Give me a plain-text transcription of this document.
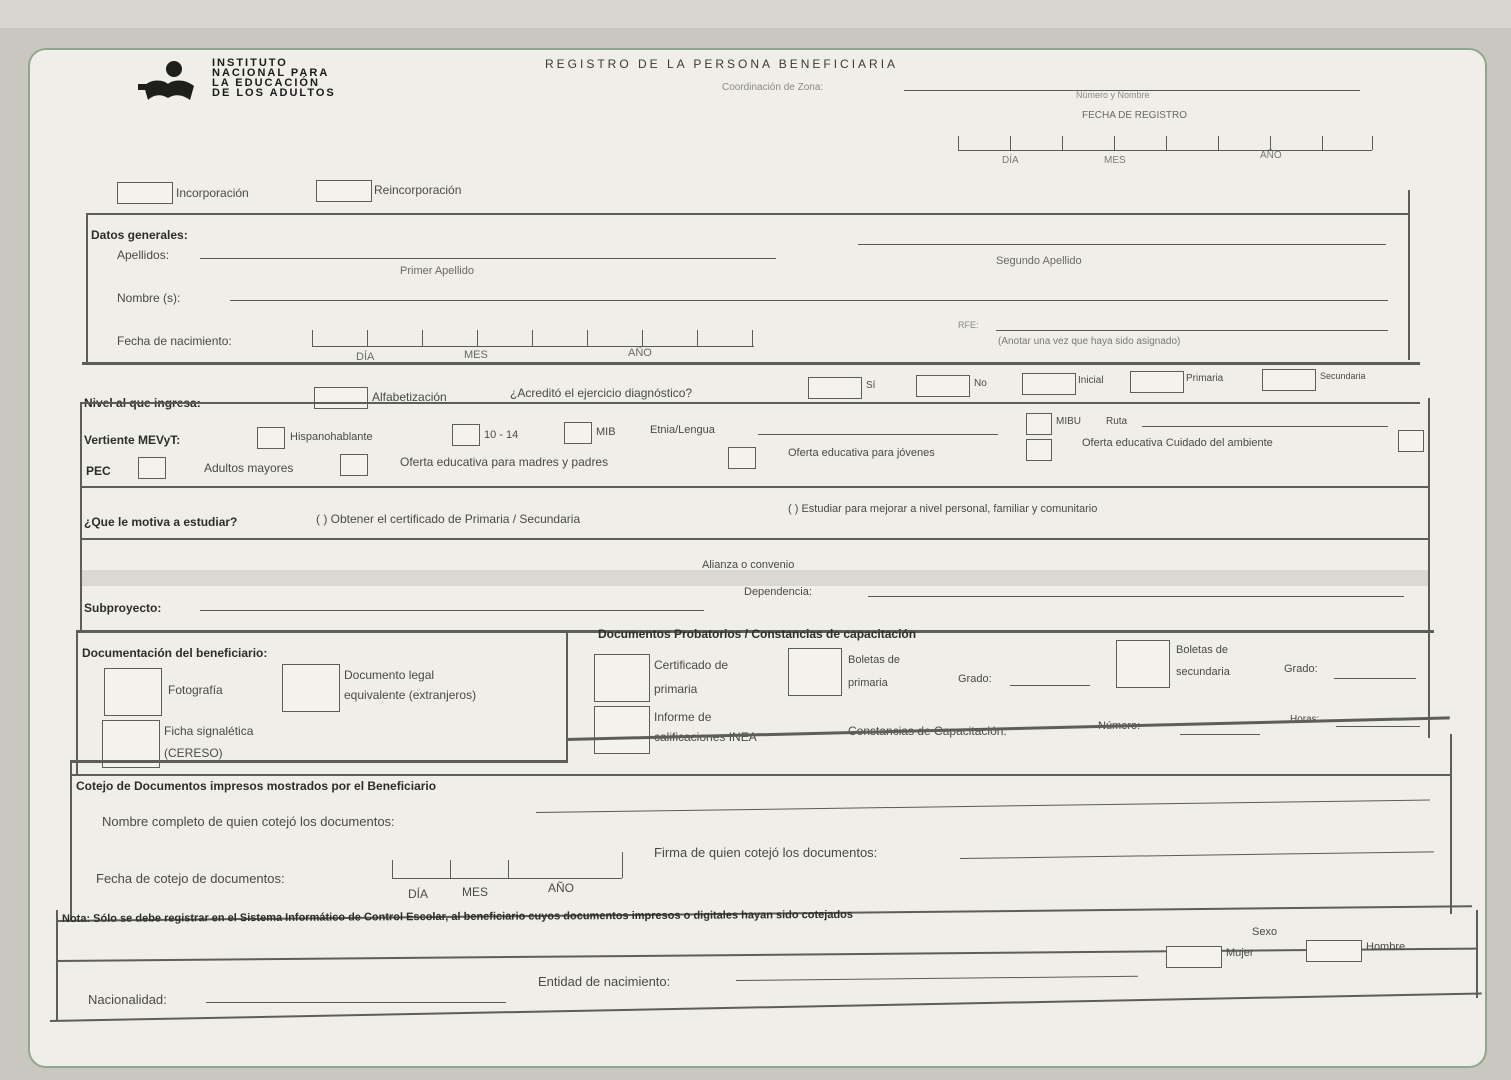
INSTITUTO
NACIONAL PARA
LA EDUCACIÓN
DE LOS ADULTOS
REGISTRO DE LA PERSONA BENEFICIARIA
Coordinación de Zona:
Número y Nombre
FECHA DE REGISTRO
DÍA	MES	AÑO
Incorporación	Reincorporación
Datos generales:
Apellidos:
Primer Apellido
Segundo Apellido
Nombre (s):
Fecha de nacimiento:
DÍA	MES	AÑO
RFE:
(Anotar una vez que haya sido asignado)
Nivel al que ingresa:	Alfabetización	¿Acreditó el ejercicio diagnóstico?
Sí	No	Inicial	Primaria	Secundaria
Vertiente MEVyT:	Hispanohablante	10 - 14	MIB	Etnia/Lengua
MIBU	Ruta
PEC	Adultos mayores	Oferta educativa para madres y padres
Oferta educativa para jóvenes
Oferta educativa Cuidado del ambiente
¿Que le motiva a estudiar?	( ) Obtener el certificado de Primaria / Secundaria
( ) Estudiar para mejorar a nivel personal, familiar y comunitario
Alianza o convenio
Subproyecto:
Dependencia:
Documentación del beneficiario:
Fotografía
Documento legal
equivalente (extranjeros)
Ficha signalética
(CERESO)
Documentos Probatorios / Constancias de capacitación
Certificado de
primaria
Boletas de
primaria	Grado:
Boletas de
secundaria	Grado:
Informe de
calificaciones INEA	Constancias de Capacitación:	Número:
Horas:
Cotejo de Documentos impresos mostrados por el Beneficiario
Nombre completo de quien cotejó los documentos:
Fecha de cotejo de documentos:
DÍA	MES	AÑO
Firma de quien cotejó los documentos:
Nota: Sólo se debe registrar en el Sistema Informático de Control Escolar, al beneficiario cuyos documentos impresos o digitales hayan sido cotejados
Sexo
Mujer	Hombre
Nacionalidad:
Entidad de nacimiento:
